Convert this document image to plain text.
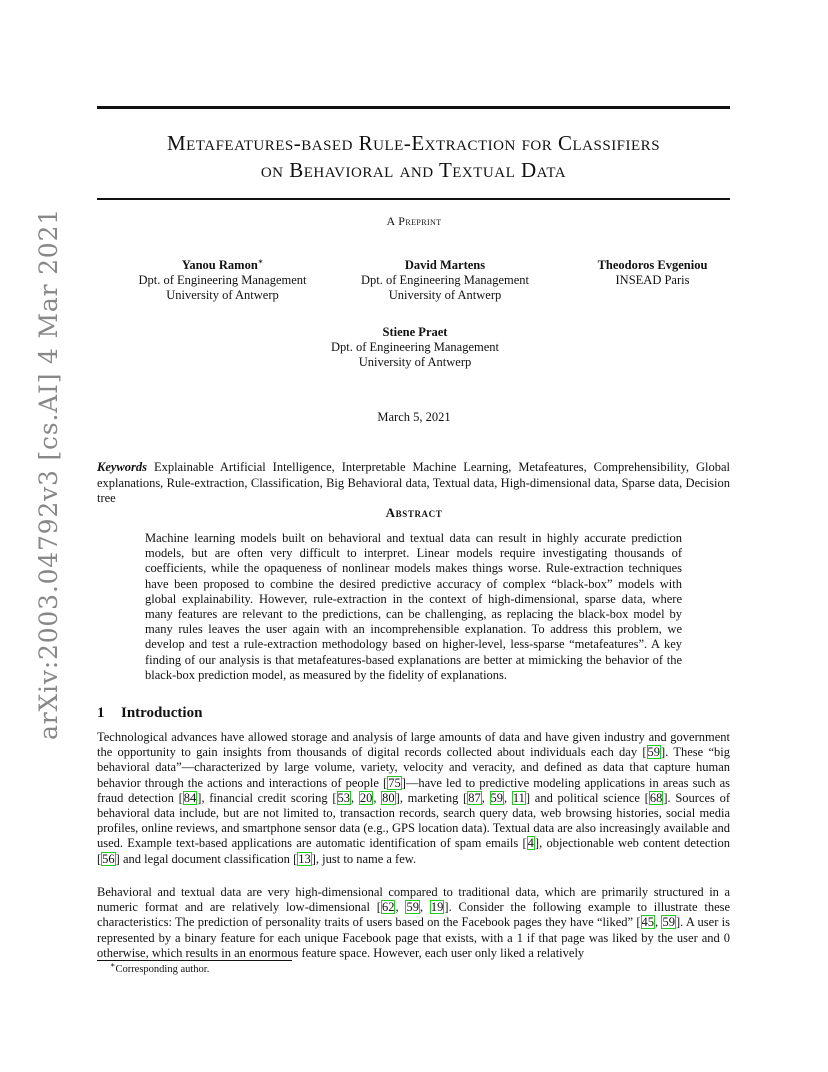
arXiv:2003.04792v3 [cs.AI] 4 Mar 2021
Metafeatures-based Rule-Extraction for Classifiers
on Behavioral and Textual Data
A Preprint
Yanou Ramon∗
Dpt. of Engineering Management
University of Antwerp
David Martens
Dpt. of Engineering Management
University of Antwerp
Theodoros Evgeniou
INSEAD Paris
Stiene Praet
Dpt. of Engineering Management
University of Antwerp
March 5, 2021
Keywords Explainable Artificial Intelligence, Interpretable Machine Learning, Metafeatures, Comprehensibility, Global explanations, Rule-extraction, Classification, Big Behavioral data, Textual data, High-dimensional data, Sparse data, Decision tree
Abstract
Machine learning models built on behavioral and textual data can result in highly accurate prediction models, but are often very difficult to interpret. Linear models require investigating thousands of coefficients, while the opaqueness of nonlinear models makes things worse. Rule-extraction techniques have been proposed to combine the desired predictive accuracy of complex “black-box” models with global explainability. However, rule-extraction in the context of high-dimensional, sparse data, where many features are relevant to the predictions, can be challenging, as replacing the black-box model by many rules leaves the user again with an incomprehensible explanation. To address this problem, we develop and test a rule-extraction methodology based on higher-level, less-sparse “metafeatures”. A key finding of our analysis is that metafeatures-based explanations are better at mimicking the behavior of the black-box prediction model, as measured by the fidelity of explanations.
1 Introduction
Technological advances have allowed storage and analysis of large amounts of data and have given industry and government the opportunity to gain insights from thousands of digital records collected about individuals each day [59]. These “big behavioral data”—characterized by large volume, variety, velocity and veracity, and defined as data that capture human behavior through the actions and interactions of people [75]—have led to predictive modeling applications in areas such as fraud detection [84], financial credit scoring [53, 20, 80], marketing [87, 59, 11] and political science [68]. Sources of behavioral data include, but are not limited to, transaction records, search query data, web browsing histories, social media profiles, online reviews, and smartphone sensor data (e.g., GPS location data). Textual data are also increasingly available and used. Example text-based applications are automatic identification of spam emails [4], objectionable web content detection [56] and legal document classification [13], just to name a few.
Behavioral and textual data are very high-dimensional compared to traditional data, which are primarily structured in a numeric format and are relatively low-dimensional [62, 59, 19]. Consider the following example to illustrate these characteristics: The prediction of personality traits of users based on the Facebook pages they have “liked” [45, 59]. A user is represented by a binary feature for each unique Facebook page that exists, with a 1 if that page was liked by the user and 0 otherwise, which results in an enormous feature space. However, each user only liked a relatively
∗Corresponding author.
